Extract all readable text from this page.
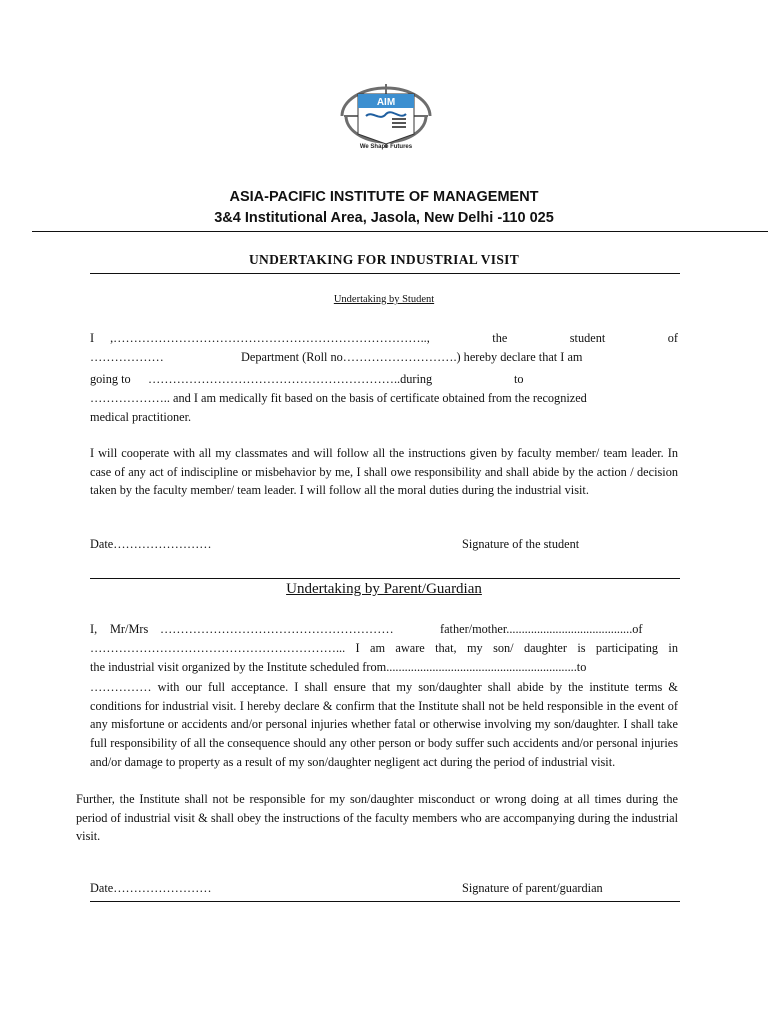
AIM
We Shape Futures
ASIA-PACIFIC INSTITUTE OF MANAGEMENT
3&4 Institutional Area, Jasola, New Delhi -110 025
UNDERTAKING FOR INDUSTRIAL VISIT
Undertaking by Student
I ,…………………………………………………………………..,	the	student	of
………………	Department (Roll no……………………….) hereby declare that I am
going to ……………………………………………………..during	to
……………….. and I am medically fit based on the basis of certificate obtained from the recognized
medical practitioner.
I will cooperate with all my classmates and will follow all the instructions given by faculty member/ team leader. In case of any act of indiscipline or misbehavior by me, I shall owe responsibility and shall abide by the action / decision taken by the faculty member/ team leader. I will follow all the moral duties during the industrial visit.
Date……………………	Signature of the student
Undertaking by Parent/Guardian
I,	Mr/Mrs …………………………………………………	father/mother.........................................of
……………………………………………………... I am aware that, my son/ daughter is participating in
the industrial visit organized by the Institute scheduled from..............................................................to
…………… with our full acceptance. I shall ensure that my son/daughter shall abide by the institute terms & conditions for industrial visit. I hereby declare & confirm that the Institute shall not be held responsible in the event of any misfortune or accidents and/or personal injuries whether fatal or otherwise involving my son/daughter. I shall take full responsibility of all the consequence should any other person or body suffer such accidents and/or personal injuries and/or damage to property as a result of my son/daughter negligent act during the period of industrial visit.
Further, the Institute shall not be responsible for my son/daughter misconduct or wrong doing at all times during the period of industrial visit & shall obey the instructions of the faculty members who are accompanying during the industrial visit.
Date……………………	Signature of parent/guardian
